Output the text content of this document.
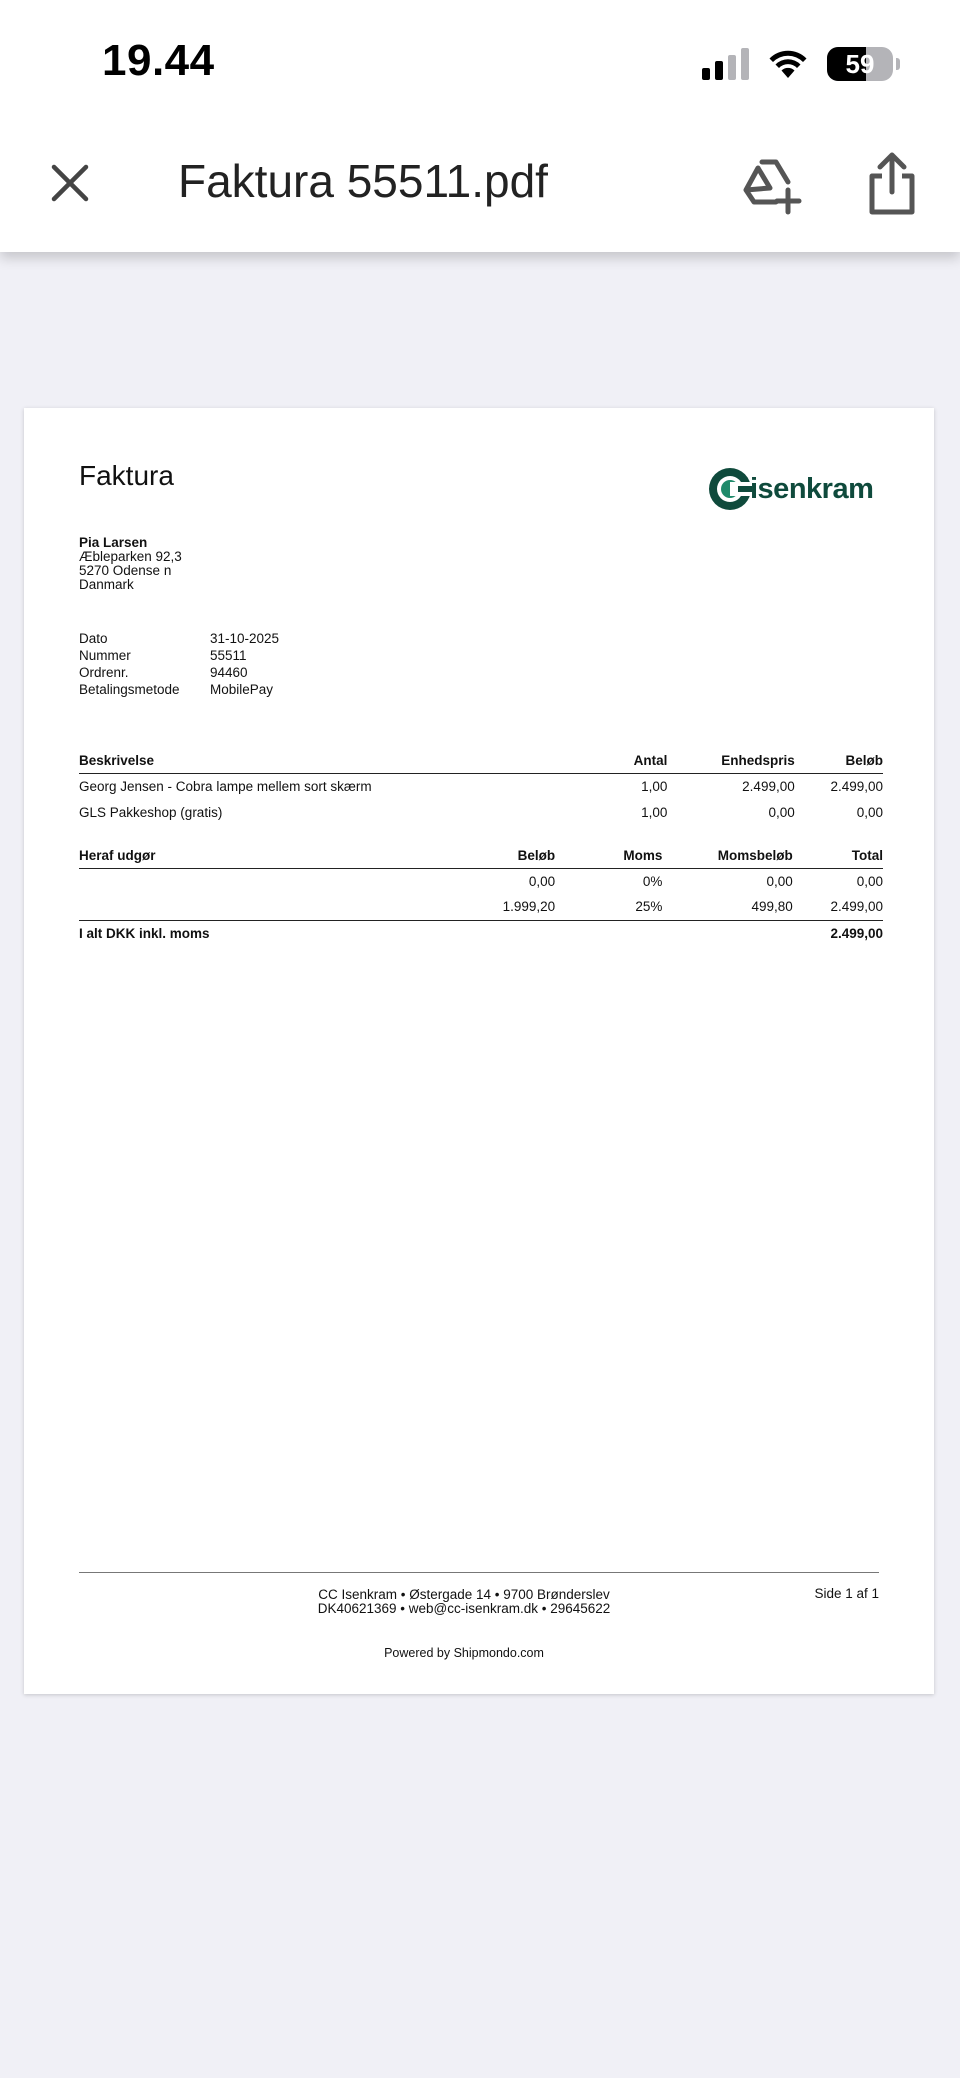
19.44	59
Faktura 55511.pdf
Faktura	isenkram
Pia Larsen
Æbleparken 92,3
5270 Odense n
Danmark
Dato	31-10-2025
Nummer	55511
Ordrenr.	94460
Betalingsmetode	MobilePay
Beskrivelse	Antal	Enhedspris	Beløb
Georg Jensen - Cobra lampe mellem sort skærm	1,00	2.499,00	2.499,00
GLS Pakkeshop (gratis)	1,00	0,00	0,00
Heraf udgør	Beløb	Moms	Momsbeløb	Total
	0,00	0%	0,00	0,00
	1.999,20	25%	499,80	2.499,00
I alt DKK inkl. moms				2.499,00
CC Isenkram • Østergade 14 • 9700 Brønderslev
DK40621369 • web@cc-isenkram.dk • 29645622
Side 1 af 1
Powered by Shipmondo.com
